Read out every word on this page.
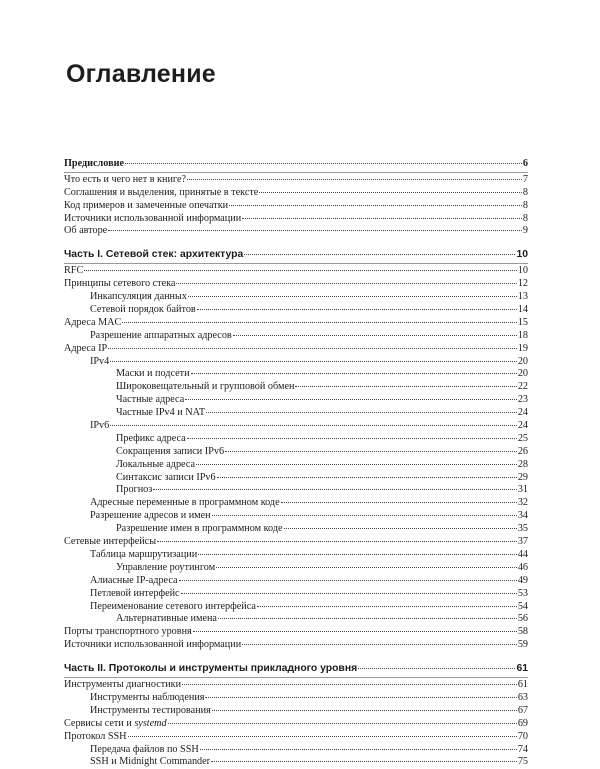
Оглавление
Предисловие	6
Что есть и чего нет в книге?	7
Соглашения и выделения, принятые в тексте	8
Код примеров и замеченные опечатки	8
Источники использованной информации	8
Об авторе	9
Часть I. Сетевой стек: архитектура	10
RFC	10
Принципы сетевого стека	12
Инкапсуляция данных	13
Сетевой порядок байтов	14
Адреса MAC	15
Разрешение аппаратных адресов	18
Адреса IP	19
IPv4	20
Маски и подсети	20
Широковещательный и групповой обмен	22
Частные адреса	23
Частные IPv4 и NAT	24
IPv6	24
Префикс адреса	25
Сокращения записи IPv6	26
Локальные адреса	28
Синтаксис записи IPv6	29
Прогноз	31
Адресные переменные в программном коде	32
Разрешение адресов и имен	34
Разрешение имен в программном коде	35
Сетевые интерфейсы	37
Таблица маршрутизации	44
Управление роутингом	46
Алиасные IP-адреса	49
Петлевой интерфейс	53
Переименование сетевого интерфейса	54
Альтернативные имена	56
Порты транспортного уровня	58
Источники использованной информации	59
Часть II. Протоколы и инструменты прикладного уровня	61
Инструменты диагностики	61
Инструменты наблюдения	63
Инструменты тестирования	67
Сервисы сети и systemd	69
Протокол SSH	70
Передача файлов по SSH	74
SSH и Midnight Commander	75
